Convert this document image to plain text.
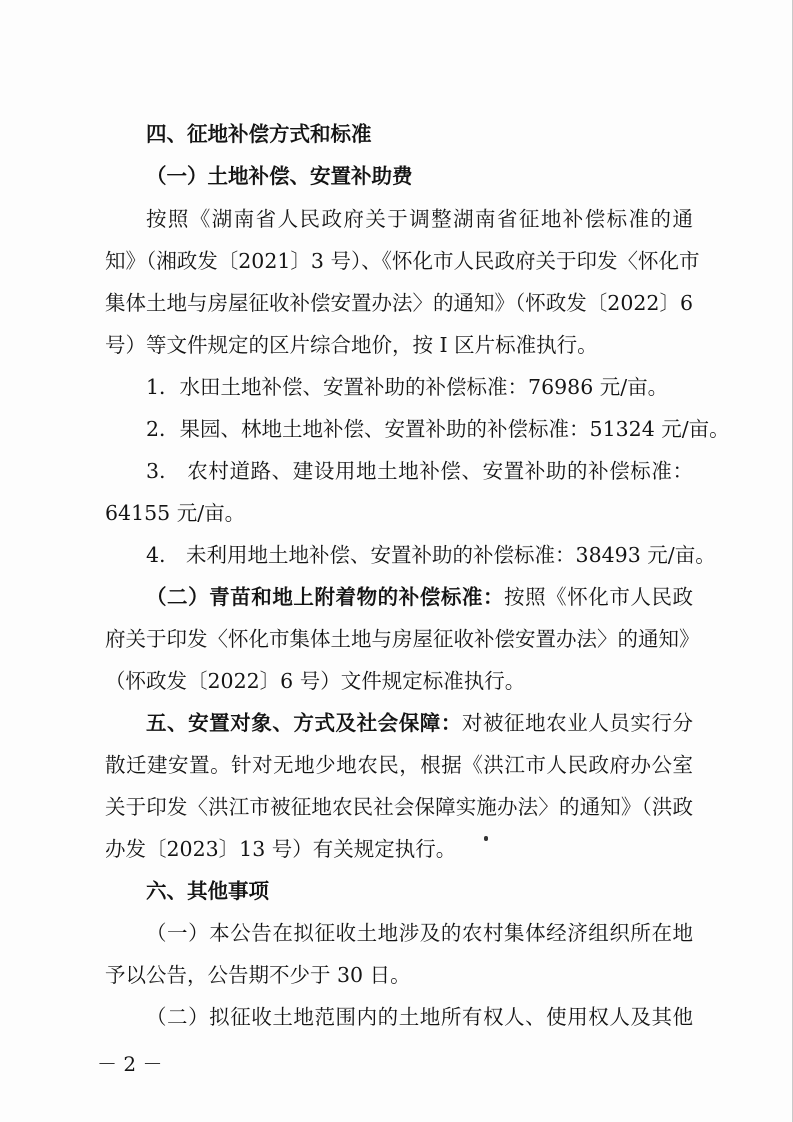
四、征地补偿方式和标准
（一）土地补偿、安置补助费
按照《湖南省人民政府关于调整湖南省征地补偿标准的通
知》（湘政发〔2021〕3 号）、《怀化市人民政府关于印发〈怀化市
集体土地与房屋征收补偿安置办法〉的通知》（怀政发〔2022〕6
号）等文件规定的区片综合地价，按 I 区片标准执行。
1．水田土地补偿、安置补助的补偿标准：76986 元/亩。
2．果园、林地土地补偿、安置补助的补偿标准：51324 元/亩。
3.　农村道路、建设用地土地补偿、安置补助的补偿标准：
64155 元/亩。
4.　未利用地土地补偿、安置补助的补偿标准：38493 元/亩。
（二）青苗和地上附着物的补偿标准：按照《怀化市人民政
府关于印发〈怀化市集体土地与房屋征收补偿安置办法〉的通知》
（怀政发〔2022〕6 号）文件规定标准执行。
五、安置对象、方式及社会保障：对被征地农业人员实行分
散迁建安置。针对无地少地农民，根据《洪江市人民政府办公室
关于印发〈洪江市被征地农民社会保障实施办法〉的通知》（洪政
办发〔2023〕13 号）有关规定执行。
六、其他事项
（一）本公告在拟征收土地涉及的农村集体经济组织所在地
予以公告，公告期不少于 30 日。
（二）拟征收土地范围内的土地所有权人、使用权人及其他
－ 2 －
